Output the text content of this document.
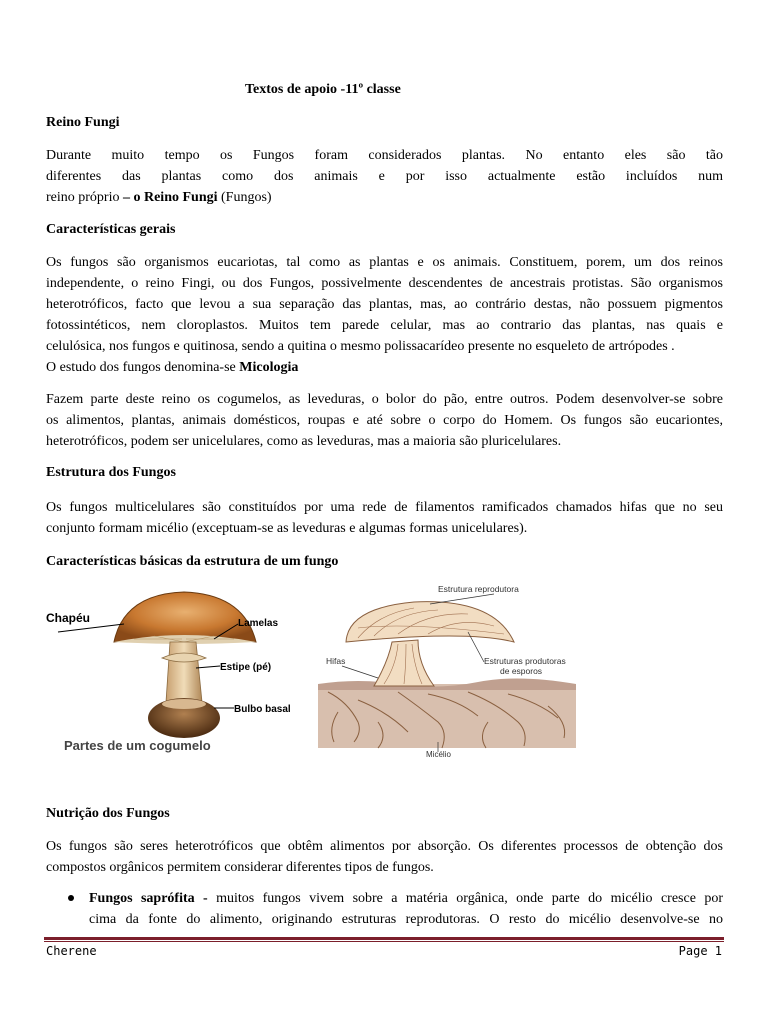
Textos de apoio -11º classe
Reino Fungi
Durante muito tempo os Fungos foram considerados plantas. No entanto eles são tão
diferentes das plantas como dos animais e por isso actualmente estão incluídos num
reino próprio – o Reino Fungi (Fungos)
Características gerais
Os fungos são organismos eucariotas, tal como as plantas e os animais. Constituem, porem, um dos reinos
independente, o reino Fingi, ou dos Fungos, possivelmente descendentes de ancestrais protistas. São organismos
heterotróficos, facto que levou a sua separação das plantas, mas, ao contrário destas, não possuem pigmentos
fotossintéticos, nem cloroplastos. Muitos tem parede celular, mas ao contrario das plantas, nas quais e
celulósica, nos fungos e quitinosa, sendo a quitina o mesmo polissacarídeo presente no esqueleto de artrópodes .
O estudo dos fungos denomina-se Micologia
Fazem parte deste reino os cogumelos, as leveduras, o bolor do pão, entre outros. Podem desenvolver-se sobre
os alimentos, plantas, animais domésticos, roupas e até sobre o corpo do Homem. Os fungos são eucariontes,
heterotróficos, podem ser unicelulares, como as leveduras, mas a maioria são pluricelulares.
Estrutura dos Fungos
Os fungos multicelulares são constituídos por uma rede de filamentos ramificados chamados hifas que no seu
conjunto formam micélio (exceptuam-se as leveduras e algumas formas unicelulares).
Características básicas da estrutura de um fungo
Lamelas
Chapéu
Estipe (pé)
Bulbo basal
Partes de um cogumelo
Estrutura reprodutora
Hifas	Estruturas produtoras
de esporos
Micélio
Nutrição dos Fungos
Os fungos são seres heterotróficos que obtêm alimentos por absorção. Os diferentes processos de obtenção dos
compostos orgânicos permitem considerar diferentes tipos de fungos.
Fungos saprófita - muitos fungos vivem sobre a matéria orgânica, onde parte do micélio cresce por
cima da fonte do alimento, originando estruturas reprodutoras. O resto do micélio desenvolve-se no
Cherene	Page 1
